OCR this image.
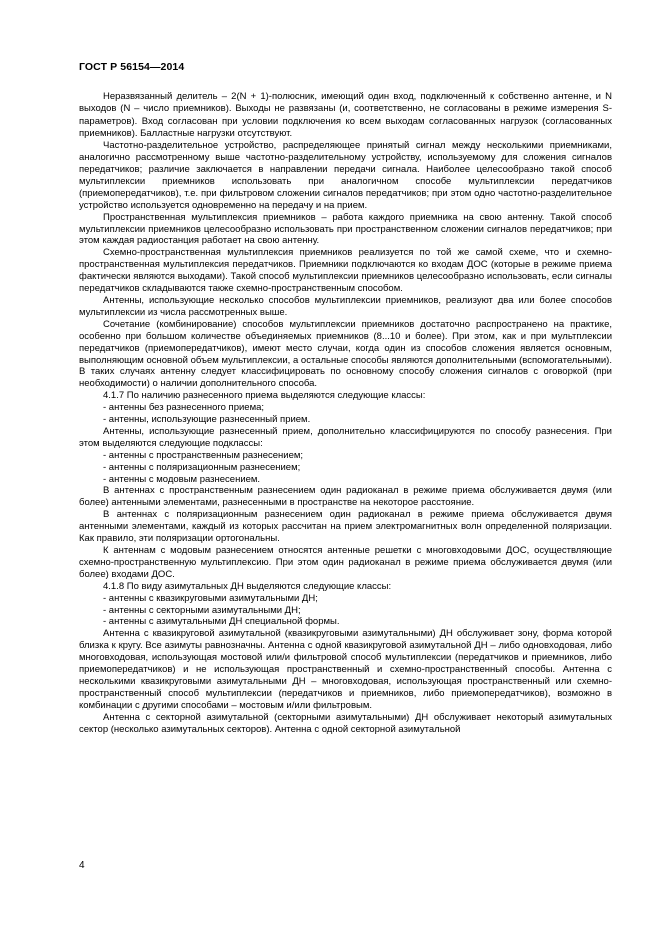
ГОСТ Р 56154—2014

Неразвязанный делитель – 2(N + 1)-полюсник, имеющий один вход, подключенный к собственно антенне, и N выходов (N – число приемников). Выходы не развязаны (и, соответственно, не согласованы в режиме измерения S-параметров). Вход согласован при условии подключения ко всем выходам согласованных нагрузок (согласованных приемников). Балластные нагрузки отсутствуют.

Частотно-разделительное устройство, распределяющее принятый сигнал между несколькими приемниками, аналогично рассмотренному выше частотно-разделительному устройству, используемому для сложения сигналов передатчиков; различие заключается в направлении передачи сигнала. Наиболее целесообразно такой способ мультиплексии приемников использовать при аналогичном способе мультиплексии передатчиков (приемопередатчиков), т.е. при фильтровом сложении сигналов передатчиков; при этом одно частотно-разделительное устройство используется одновременно на передачу и на прием.

Пространственная мультиплексия приемников – работа каждого приемника на свою антенну. Такой способ мультиплексии приемников целесообразно использовать при пространственном сложении сигналов передатчиков; при этом каждая радиостанция работает на свою антенну.

Схемно-пространственная мультиплексия приемников реализуется по той же самой схеме, что и схемно-пространственная мультиплексия передатчиков. Приемники подключаются ко входам ДОС (которые в режиме приема фактически являются выходами). Такой способ мультиплексии приемников целесообразно использовать, если сигналы передатчиков складываются также схемно-пространственным способом.

Антенны, использующие несколько способов мультиплексии приемников, реализуют два или более способов мультиплексии из числа рассмотренных выше.

Сочетание (комбинирование) способов мультиплексии приемников достаточно распространено на практике, особенно при большом количестве объединяемых приемников (8...10 и более). При этом, как и при мультплексии передатчиков (приемопередатчиков), имеют место случаи, когда один из способов сложения является основным, выполняющим основной объем мультиплексии, а остальные способы являются дополнительными (вспомогательными). В таких случаях антенну следует классифицировать по основному способу сложения сигналов с оговоркой (при необходимости) о наличии дополнительного способа.

4.1.7 По наличию разнесенного приема выделяются следующие классы:

- антенны без разнесенного приема;

- антенны, использующие разнесенный прием.

Антенны, использующие разнесенный прием, дополнительно классифицируются по способу разнесения. При этом выделяются следующие подклассы:

- антенны с пространственным разнесением;

- антенны с поляризационным разнесением;

- антенны с модовым разнесением.

В антеннах с пространственным разнесением один радиоканал в режиме приема обслуживается двумя (или более) антенными элементами, разнесенными в пространстве на некоторое расстояние.

В антеннах с поляризационным разнесением один радиоканал в режиме приема обслуживается двумя антенными элементами, каждый из которых рассчитан на прием электромагнитных волн определенной поляризации. Как правило, эти поляризации ортогональны.

К антеннам с модовым разнесением относятся антенные решетки с многовходовыми ДОС, осуществляющие схемно-пространственную мультиплексию. При этом один радиоканал в режиме приема обслуживается двумя (или более) входами ДОС.

4.1.8 По виду азимутальных ДН выделяются следующие классы:

- антенны с квазикруговыми азимутальными ДН;

- антенны с секторными азимутальными ДН;

- антенны с азимутальными ДН специальной формы.

Антенна с квазикруговой азимутальной (квазикруговыми азимутальными) ДН обслуживает зону, форма которой близка к кругу. Все азимуты равнозначны. Антенна с одной квазикруговой азимутальной ДН – либо одновходовая, либо многовходовая, использующая мостовой или/и фильтровой способ мультиплексии (передатчиков и приемников, либо приемопередатчиков) и не использующая пространственный и схемно-пространственный способы. Антенна с несколькими квазикруговыми азимутальными ДН – многовходовая, использующая пространственный или схемно-пространственный способ мультиплексии (передатчиков и приемников, либо приемопередатчиков), возможно в комбинации с другими способами – мостовым и/или фильтровым.

Антенна с секторной азимутальной (секторными азимутальными) ДН обслуживает некоторый азимутальных сектор (несколько азимутальных секторов). Антенна с одной секторной азимутальной

4
